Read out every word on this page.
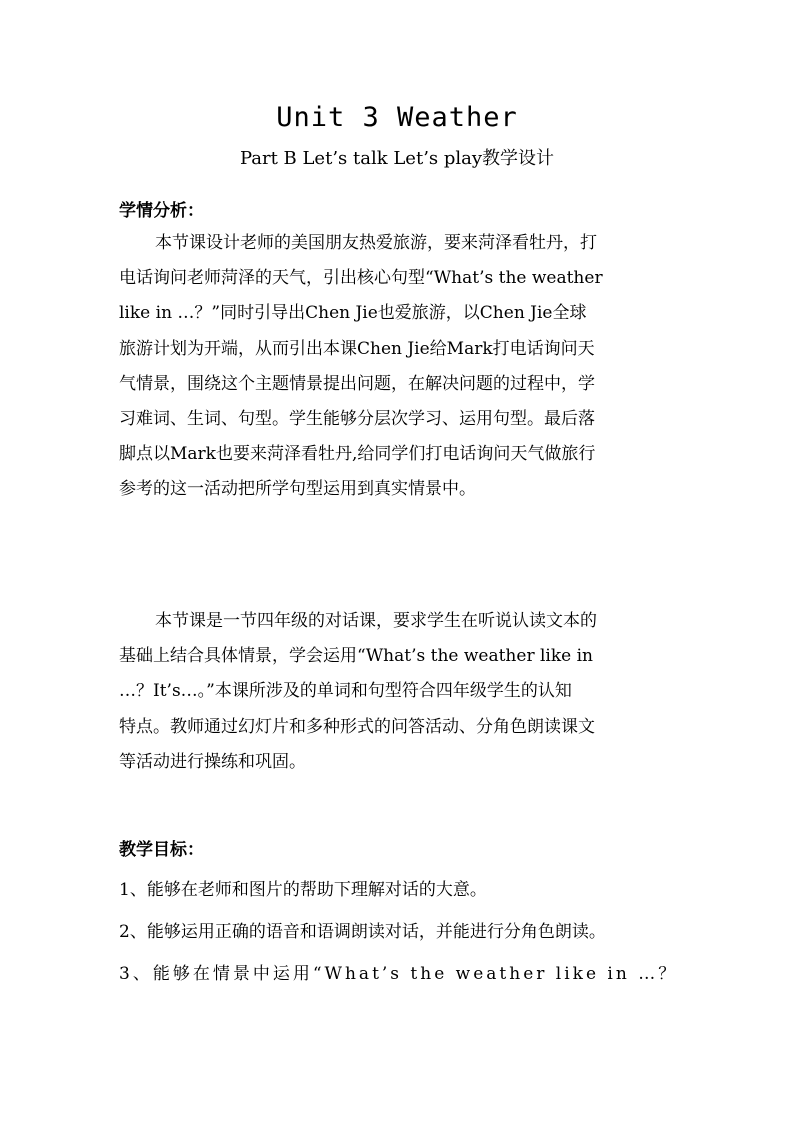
Unit 3 Weather
Part B Let’s talk Let’s play教学设计
学情分析：
本节课设计老师的美国朋友热爱旅游，要来菏泽看牡丹，打
电话询问老师菏泽的天气，引出核心句型“What’s the weather
like in …？”同时引导出Chen Jie也爱旅游，以Chen Jie全球
旅游计划为开端，从而引出本课Chen Jie给Mark打电话询问天
气情景，围绕这个主题情景提出问题，在解决问题的过程中，学
习难词、生词、句型。学生能够分层次学习、运用句型。最后落
脚点以Mark也要来菏泽看牡丹,给同学们打电话询问天气做旅行
参考的这一活动把所学句型运用到真实情景中。
本节课是一节四年级的对话课，要求学生在听说认读文本的
基础上结合具体情景，学会运用“What’s the weather like in
…？It’s…。”本课所涉及的单词和句型符合四年级学生的认知
特点。教师通过幻灯片和多种形式的问答活动、分角色朗读课文
等活动进行操练和巩固。
教学目标：
1、能够在老师和图片的帮助下理解对话的大意。
2、能够运用正确的语音和语调朗读对话，并能进行分角色朗读。
3、能够在情景中运用“What’s the weather like in …？
